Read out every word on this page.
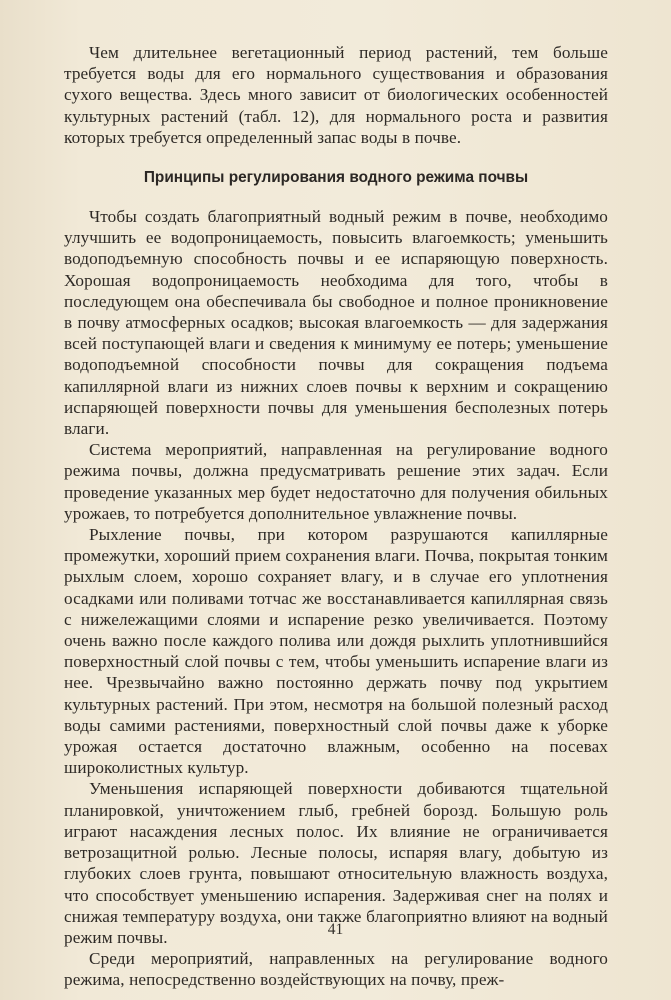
Чем длительнее вегетационный период растений, тем больше требуется воды для его нормального существования и образования сухого вещества. Здесь много зависит от биологических особенностей культурных растений (табл. 12), для нормального роста и развития которых требуется определенный запас воды в почве.

Принципы регулирования водного режима почвы

Чтобы создать благоприятный водный режим в почве, необходимо улучшить ее водопроницаемость, повысить влагоемкость; уменьшить водоподъемную способность почвы и ее испаряющую поверхность. Хорошая водопроницаемость необходима для того, чтобы в последующем она обеспечивала бы свободное и полное проникновение в почву атмосферных осадков; высокая влагоемкость — для задержания всей поступающей влаги и сведения к минимуму ее потерь; уменьшение водоподъемной способности почвы для сокращения подъема капиллярной влаги из нижних слоев почвы к верхним и сокращению испаряющей поверхности почвы для уменьшения бесполезных потерь влаги.

Система мероприятий, направленная на регулирование водного режима почвы, должна предусматривать решение этих задач. Если проведение указанных мер будет недостаточно для получения обильных урожаев, то потребуется дополнительное увлажнение почвы.

Рыхление почвы, при котором разрушаются капиллярные промежутки, хороший прием сохранения влаги. Почва, покрытая тонким рыхлым слоем, хорошо сохраняет влагу, и в случае его уплотнения осадками или поливами тотчас же восстанавливается капиллярная связь с нижележащими слоями и испарение резко увеличивается. Поэтому очень важно после каждого полива или дождя рыхлить уплотнившийся поверхностный слой почвы с тем, чтобы уменьшить испарение влаги из нее. Чрезвычайно важно постоянно держать почву под укрытием культурных растений. При этом, несмотря на большой полезный расход воды самими растениями, поверхностный слой почвы даже к уборке урожая остается достаточно влажным, особенно на посевах широколистных культур.

Уменьшения испаряющей поверхности добиваются тщательной планировкой, уничтожением глыб, гребней борозд. Большую роль играют насаждения лесных полос. Их влияние не ограничивается ветрозащитной ролью. Лесные полосы, испаряя влагу, добытую из глубоких слоев грунта, повышают относительную влажность воздуха, что способствует уменьшению испарения. Задерживая снег на полях и снижая температуру воздуха, они также благоприятно влияют на водный режим почвы.

Среди мероприятий, направленных на регулирование водного режима, непосредственно воздействующих на почву, преж-

41
